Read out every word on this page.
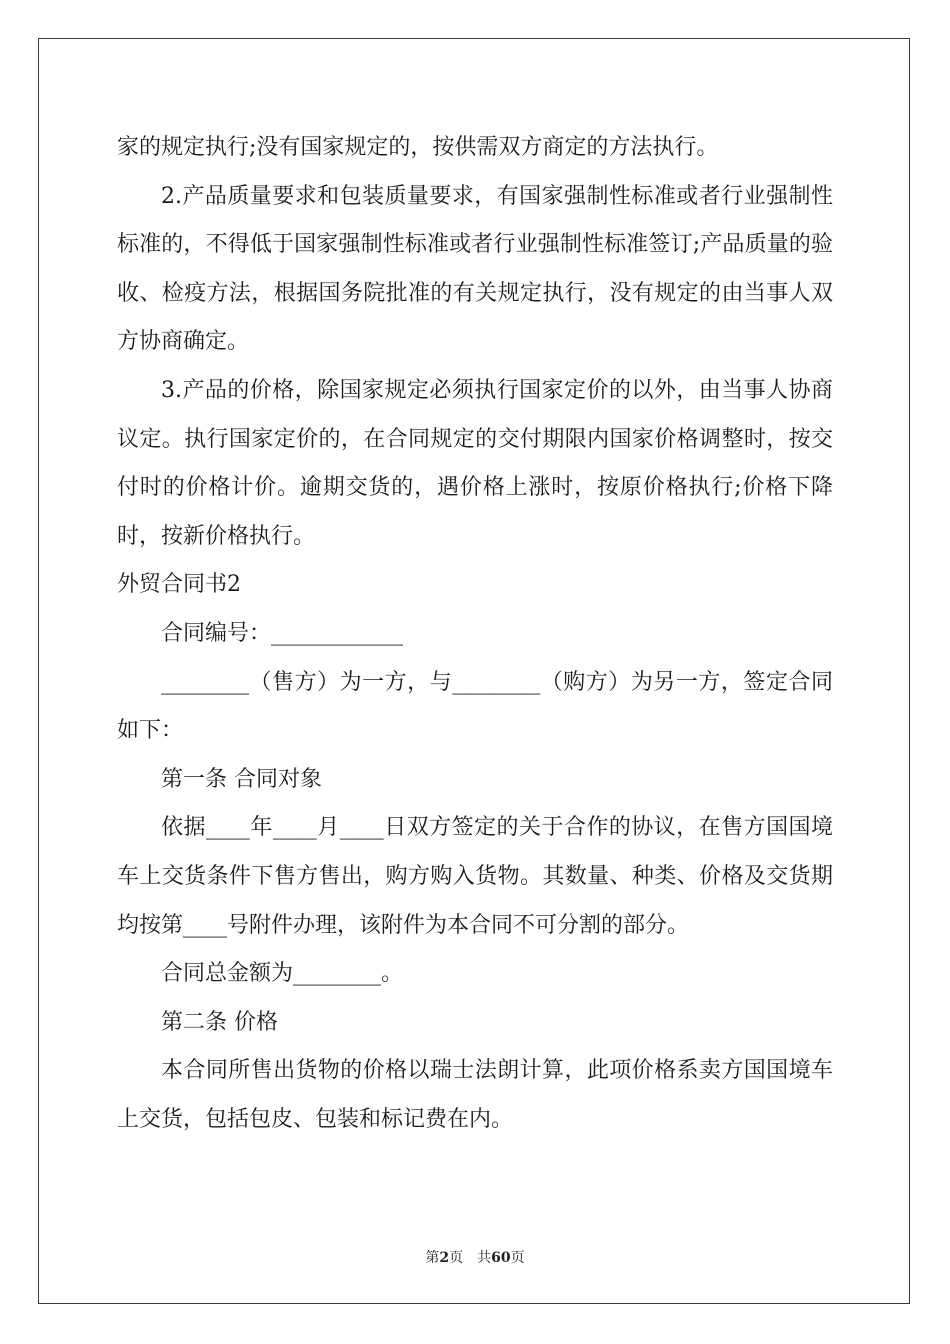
家的规定执行;没有国家规定的，按供需双方商定的方法执行。

2.产品质量要求和包装质量要求，有国家强制性标准或者行业强制性标准的，不得低于国家强制性标准或者行业强制性标准签订;产品质量的验收、检疫方法，根据国务院批准的有关规定执行，没有规定的由当事人双方协商确定。

3.产品的价格，除国家规定必须执行国家定价的以外，由当事人协商议定。执行国家定价的，在合同规定的交付期限内国家价格调整时，按交付时的价格计价。逾期交货的，遇价格上涨时，按原价格执行;价格下降时，按新价格执行。

外贸合同书2

合同编号：____________

________（售方）为一方，与________（购方）为另一方，签定合同如下：

第一条 合同对象

依据____年____月____日双方签定的关于合作的协议，在售方国国境车上交货条件下售方售出，购方购入货物。其数量、种类、价格及交货期均按第____号附件办理，该附件为本合同不可分割的部分。

合同总金额为________。

第二条 价格

本合同所售出货物的价格以瑞士法朗计算，此项价格系卖方国国境车上交货，包括包皮、包装和标记费在内。

第2页　共60页
